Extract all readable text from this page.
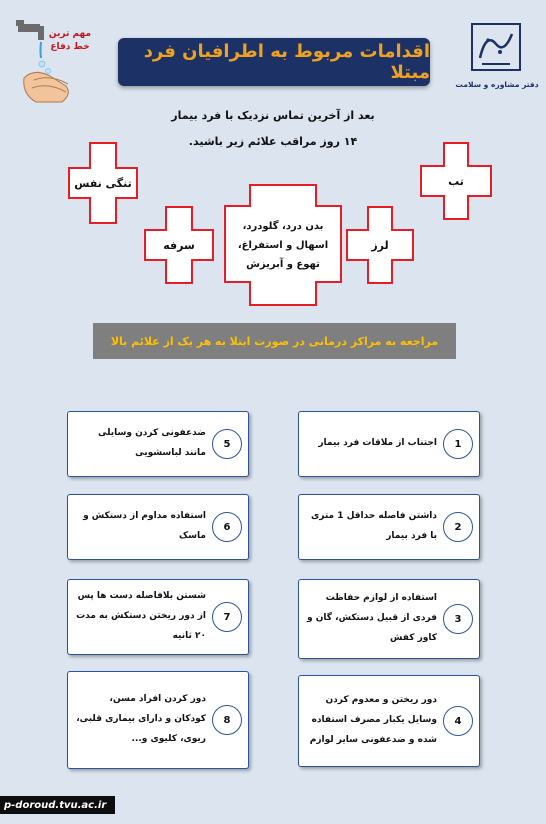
مهم ترین
خط دفاع	اقدامات مربوط به اطرافیان فرد مبتلا
دفتر مشاوره و سلامت
بعد از آخرین تماس نزدیک با فرد بیمار
۱۴ روز مراقب علائم زیر باشید.
تب
تنگی نفس
لرز
سرفه
بدن درد، گلودرد، اسهال و استفراغ، تهوع و آبریزش
مراجعه به مراکز درمانی در صورت ابتلا به هر یک از علائم بالا
اجتناب از ملاقات فرد بیمار	1
داشتن فاصله حداقل 1 متری با فرد بیمار
2
استفاده از لوازم حفاظت فردی از قبیل دستکش، گان و کاور کفش
3
دور ریختن و معدوم کردن وسایل یکبار مصرف استفاده شده و ضدعفونی سایر لوازم
4
ضدعفونی کردن وسایلی مانند لباسشویی
5
استفاده مداوم از دستکش و ماسک
6
شستن بلافاصله دست ها پس از دور ریختن دستکش به مدت ۲۰ ثانیه
7
دور کردن افراد مسن، کودکان و دارای بیماری قلبی، ریوی، کلیوی و...
8
p-doroud.tvu.ac.ir
